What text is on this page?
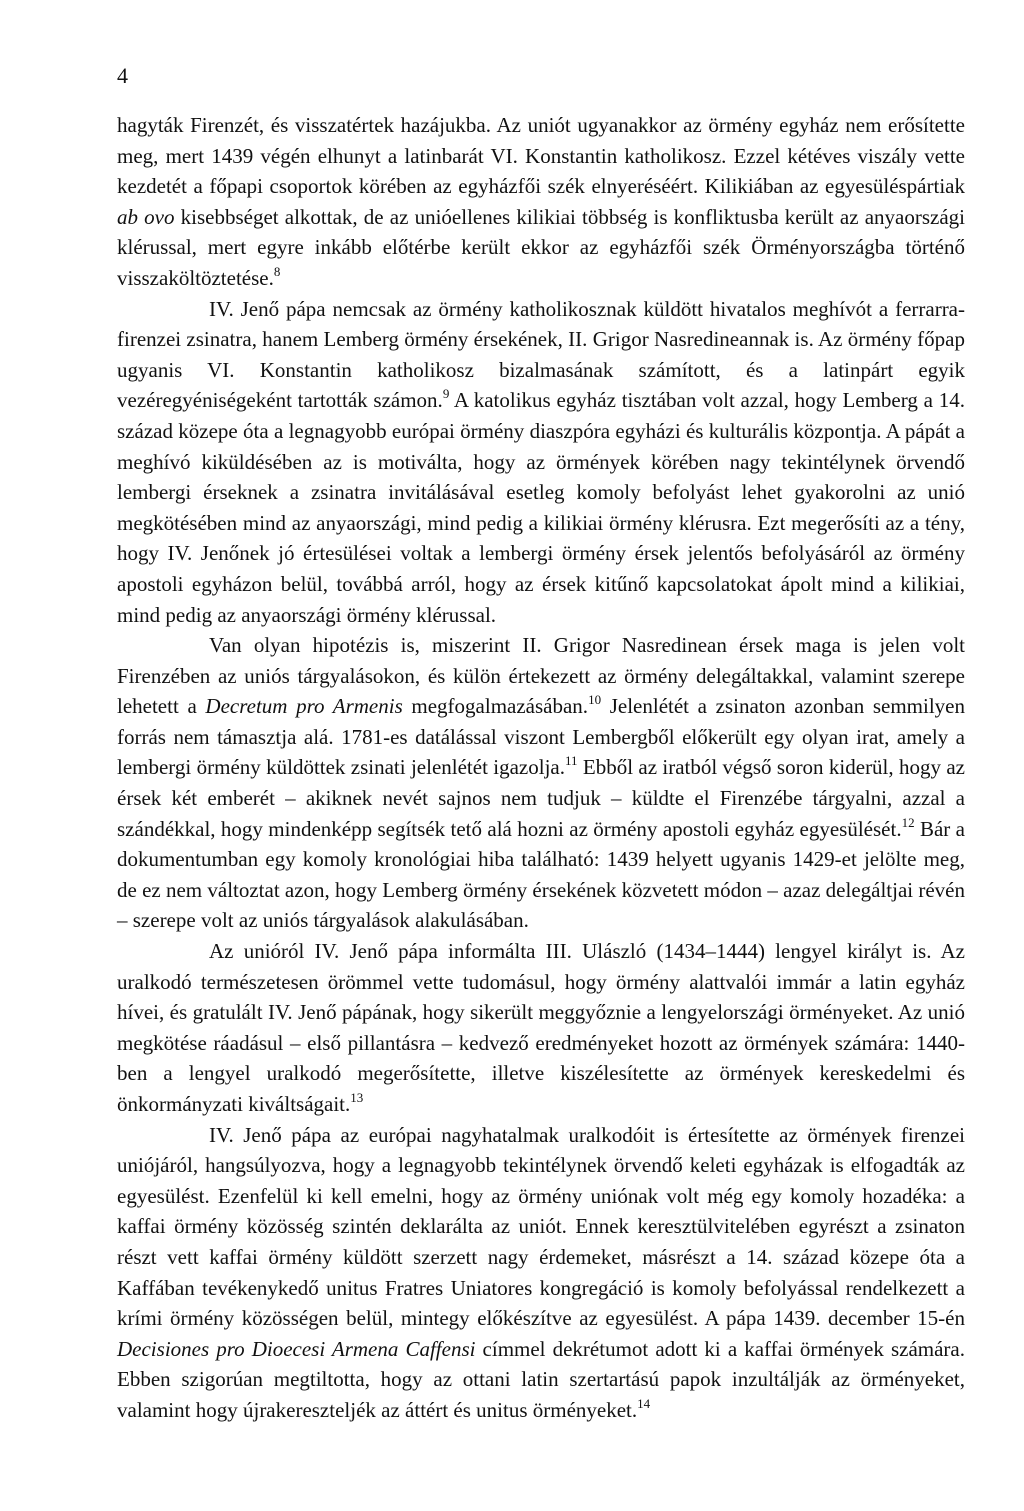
4

hagyták Firenzét, és visszatértek hazájukba. Az uniót ugyanakkor az örmény egyház nem erősítette meg, mert 1439 végén elhunyt a latinbarát VI. Konstantin katholikosz. Ezzel kétéves viszály vette kezdetét a főpapi csoportok körében az egyházfői szék elnyeréséért. Kilikiában az egyesüléspártiak ab ovo kisebbséget alkottak, de az unióellenes kilikiai többség is konfliktusba került az anyaországi klérussal, mert egyre inkább előtérbe került ekkor az egyházfői szék Örményországba történő visszaköltöztetése.$^8$

IV. Jenő pápa nemcsak az örmény katholikosznak küldött hivatalos meghívót a ferrarra-firenzei zsinatra, hanem Lemberg örmény érsekének, II. Grigor Nasredineannak is. Az örmény főpap ugyanis VI. Konstantin katholikosz bizalmasának számított, és a latinpárt egyik vezéregyéniségeként tartották számon.$^9$ A katolikus egyház tisztában volt azzal, hogy Lemberg a 14. század közepe óta a legnagyobb európai örmény diaszpóra egyházi és kulturális központja. A pápát a meghívó kiküldésében az is motiválta, hogy az örmények körében nagy tekintélynek örvendő lembergi érseknek a zsinatra invitálásával esetleg komoly befolyást lehet gyakorolni az unió megkötésében mind az anyaországi, mind pedig a kilikiai örmény klérusra. Ezt megerősíti az a tény, hogy IV. Jenőnek jó értesülései voltak a lembergi örmény érsek jelentős befolyásáról az örmény apostoli egyházon belül, továbbá arról, hogy az érsek kitűnő kapcsolatokat ápolt mind a kilikiai, mind pedig az anyaországi örmény klérussal.

Van olyan hipotézis is, miszerint II. Grigor Nasredinean érsek maga is jelen volt Firenzében az uniós tárgyalásokon, és külön értekezett az örmény delegáltakkal, valamint szerepe lehetett a Decretum pro Armenis megfogalmazásában.$^{10}$ Jelenlétét a zsinaton azonban semmilyen forrás nem támasztja alá. 1781-es datálással viszont Lembergből előkerült egy olyan irat, amely a lembergi örmény küldöttek zsinati jelenlétét igazolja.$^{11}$ Ebből az iratból végső soron kiderül, hogy az érsek két emberét – akiknek nevét sajnos nem tudjuk – küldte el Firenzébe tárgyalni, azzal a szándékkal, hogy mindenképp segítsék tető alá hozni az örmény apostoli egyház egyesülését.$^{12}$ Bár a dokumentumban egy komoly kronológiai hiba található: 1439 helyett ugyanis 1429-et jelölte meg, de ez nem változtat azon, hogy Lemberg örmény érsekének közvetett módon – azaz delegáltjai révén – szerepe volt az uniós tárgyalások alakulásában.

Az unióról IV. Jenő pápa informálta III. Ulászló (1434–1444) lengyel királyt is. Az uralkodó természetesen örömmel vette tudomásul, hogy örmény alattvalói immár a latin egyház hívei, és gratulált IV. Jenő pápának, hogy sikerült meggyőznie a lengyelországi örményeket. Az unió megkötése ráadásul – első pillantásra – kedvező eredményeket hozott az örmények számára: 1440-ben a lengyel uralkodó megerősítette, illetve kiszélesítette az örmények kereskedelmi és önkormányzati kiváltságait.$^{13}$

IV. Jenő pápa az európai nagyhatalmak uralkodóit is értesítette az örmények firenzei uniójáról, hangsúlyozva, hogy a legnagyobb tekintélynek örvendő keleti egyházak is elfogadták az egyesülést. Ezenfelül ki kell emelni, hogy az örmény uniónak volt még egy komoly hozadéka: a kaffai örmény közösség szintén deklarálta az uniót. Ennek keresztülvitelében egyrészt a zsinaton részt vett kaffai örmény küldött szerzett nagy érdemeket, másrészt a 14. század közepe óta a Kaffában tevékenykedő unitus Fratres Uniatores kongregáció is komoly befolyással rendelkezett a krími örmény közösségen belül, mintegy előkészítve az egyesülést. A pápa 1439. december 15-én Decisiones pro Dioecesi Armena Caffensi címmel dekrétumot adott ki a kaffai örmények számára. Ebben szigorúan megtiltotta, hogy az ottani latin szertartású papok inzultálják az örményeket, valamint hogy újrakereszteljék az áttért és unitus örményeket.$^{14}$
